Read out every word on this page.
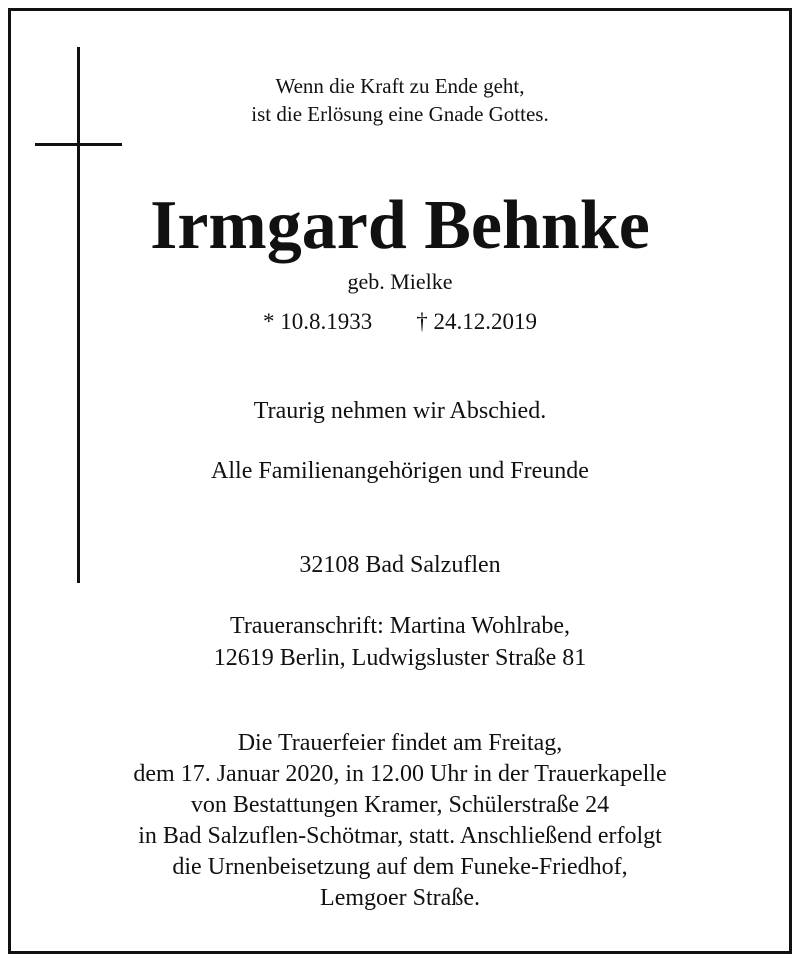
Wenn die Kraft zu Ende geht,
ist die Erlösung eine Gnade Gottes.
Irmgard Behnke
geb. Mielke
* 10.8.1933 † 24.12.2019
Traurig nehmen wir Abschied.
Alle Familienangehörigen und Freunde
32108 Bad Salzuflen
Traueranschrift: Martina Wohlrabe,
12619 Berlin, Ludwigsluster Straße 81
Die Trauerfeier findet am Freitag,
dem 17. Januar 2020, in 12.00 Uhr in der Trauerkapelle
von Bestattungen Kramer, Schülerstraße 24
in Bad Salzuflen-Schötmar, statt. Anschließend erfolgt
die Urnenbeisetzung auf dem Funeke-Friedhof,
Lemgoer Straße.
